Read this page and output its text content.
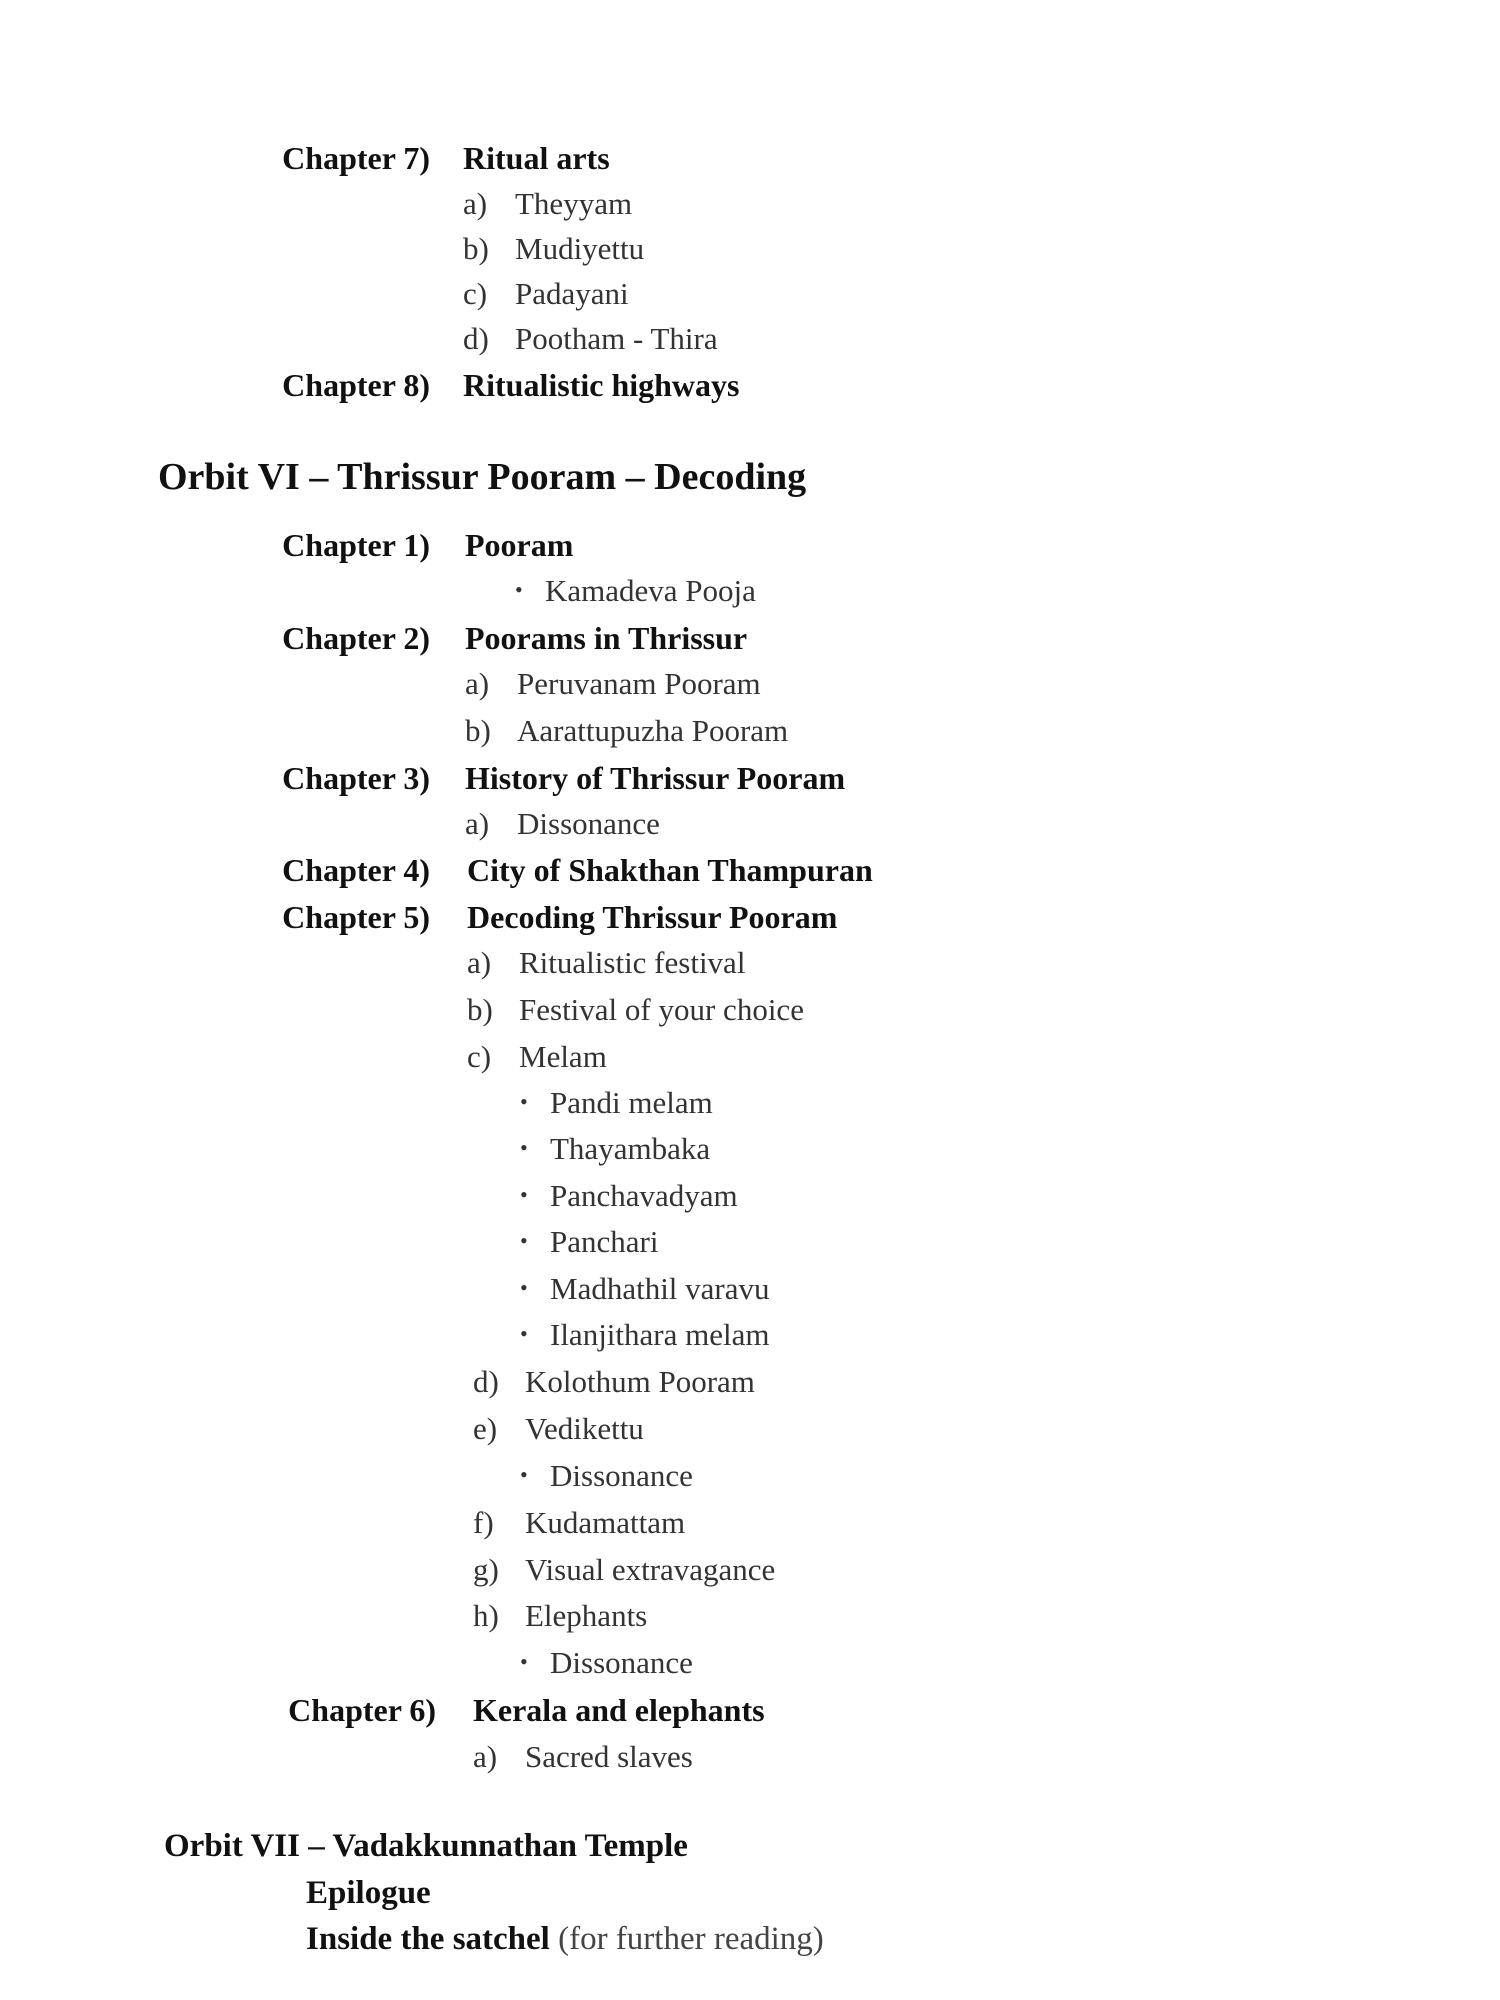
Chapter 7) Ritual arts
a) Theyyam
b) Mudiyettu
c) Padayani
d) Pootham - Thira
Chapter 8) Ritualistic highways
Orbit VI – Thrissur Pooram – Decoding
Chapter 1) Pooram
• Kamadeva Pooja
Chapter 2) Poorams in Thrissur
a) Peruvanam Pooram
b) Aarattupuzha Pooram
Chapter 3) History of Thrissur Pooram
a) Dissonance
Chapter 4) City of Shakthan Thampuran
Chapter 5) Decoding Thrissur Pooram
a) Ritualistic festival
b) Festival of your choice
c) Melam
• Pandi melam
• Thayambaka
• Panchavadyam
• Panchari
• Madhathil varavu
• Ilanjithara melam
d) Kolothum Pooram
e) Vedikettu
• Dissonance
f) Kudamattam
g) Visual extravagance
h) Elephants
• Dissonance
Chapter 6) Kerala and elephants
a) Sacred slaves
Orbit VII – Vadakkunnathan Temple
Epilogue
Inside the satchel (for further reading)
